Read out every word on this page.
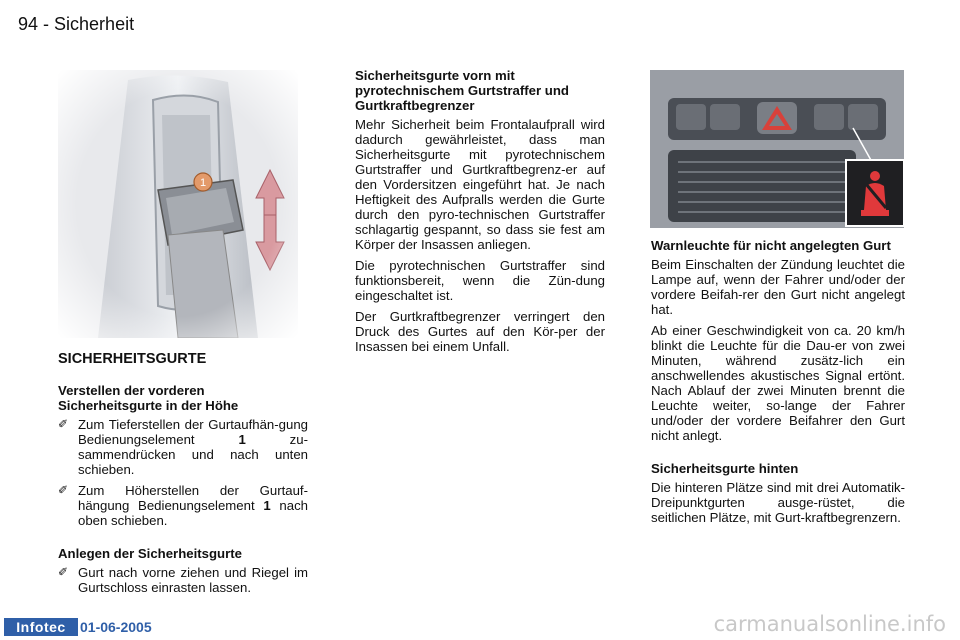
94 - Sicherheit
SICHERHEITSGURTE
Verstellen der vorderen Sicherheitsgurte in der Höhe
✐ Zum Tieferstellen der Gurtaufhän-gung Bedienungselement 1 zu-sammendrücken und nach unten schieben.
✐ Zum Höherstellen der Gurtauf-hängung Bedienungselement 1 nach oben schieben.
Anlegen der Sicherheitsgurte
✐ Gurt nach vorne ziehen und Riegel im Gurtschloss einrasten lassen.
Sicherheitsgurte vorn mit pyrotechnischem Gurtstraffer und Gurtkraftbegrenzer

Mehr Sicherheit beim Frontalaufprall wird dadurch gewährleistet, dass man Sicherheitsgurte mit pyrotechnischem Gurtstraffer und Gurtkraftbegrenz-er auf den Vordersitzen eingeführt hat. Je nach Heftigkeit des Aufpralls werden die Gurte durch den pyro-technischen Gurtstraffer schlagartig gespannt, so dass sie fest am Körper der Insassen anliegen.

Die pyrotechnischen Gurtstraffer sind funktionsbereit, wenn die Zün-dung eingeschaltet ist.

Der Gurtkraftbegrenzer verringert den Druck des Gurtes auf den Kör-per der Insassen bei einem Unfall.

Warnleuchte für nicht angelegten Gurt

Beim Einschalten der Zündung leuchtet die Lampe auf, wenn der Fahrer und/oder der vordere Beifah-rer den Gurt nicht angelegt hat.

Ab einer Geschwindigkeit von ca. 20 km/h blinkt die Leuchte für die Dau-er von zwei Minuten, während zusätz-lich ein anschwellendes akustisches Signal ertönt. Nach Ablauf der zwei Minuten brennt die Leuchte weiter, so-lange der Fahrer und/oder der vordere Beifahrer den Gurt nicht anlegt.

Sicherheitsgurte hinten

Die hinteren Plätze sind mit drei Automatik-Dreipunktgurten ausge-rüstet, die seitlichen Plätze, mit Gurt-kraftbegrenzern.

Infotec	01-06-2005	carmanualsonline.info
